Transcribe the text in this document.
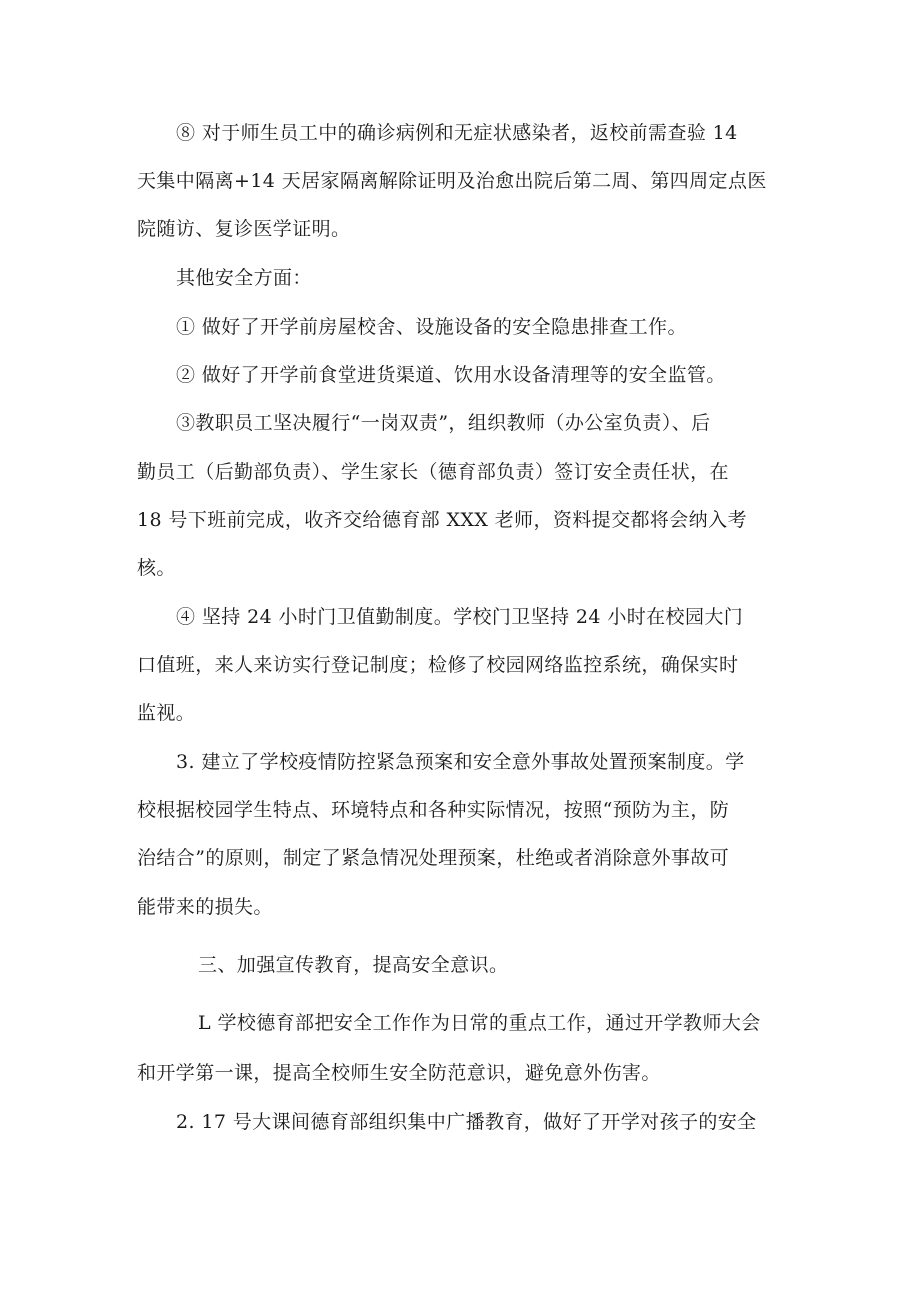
⑧ 对于师生员工中的确诊病例和无症状感染者，返校前需查验 14
天集中隔离+14 天居家隔离解除证明及治愈出院后第二周、第四周定点医
院随访、复诊医学证明。
其他安全方面：
① 做好了开学前房屋校舍、设施设备的安全隐患排查工作。
② 做好了开学前食堂进货渠道、饮用水设备清理等的安全监管。
③教职员工坚决履行“一岗双责”，组织教师（办公室负责）、后
勤员工（后勤部负责）、学生家长（德育部负责）签订安全责任状，在
18 号下班前完成，收齐交给德育部 XXX 老师，资料提交都将会纳入考
核。
④ 坚持 24 小时门卫值勤制度。学校门卫坚持 24 小时在校园大门
口值班，来人来访实行登记制度；检修了校园网络监控系统，确保实时
监视。
3. 建立了学校疫情防控紧急预案和安全意外事故处置预案制度。学
校根据校园学生特点、环境特点和各种实际情况，按照“预防为主，防
治结合”的原则，制定了紧急情况处理预案，杜绝或者消除意外事故可
能带来的损失。
三、加强宣传教育，提高安全意识。
L 学校德育部把安全工作作为日常的重点工作，通过开学教师大会
和开学第一课，提高全校师生安全防范意识，避免意外伤害。
2. 17 号大课间德育部组织集中广播教育，做好了开学对孩子的安全
